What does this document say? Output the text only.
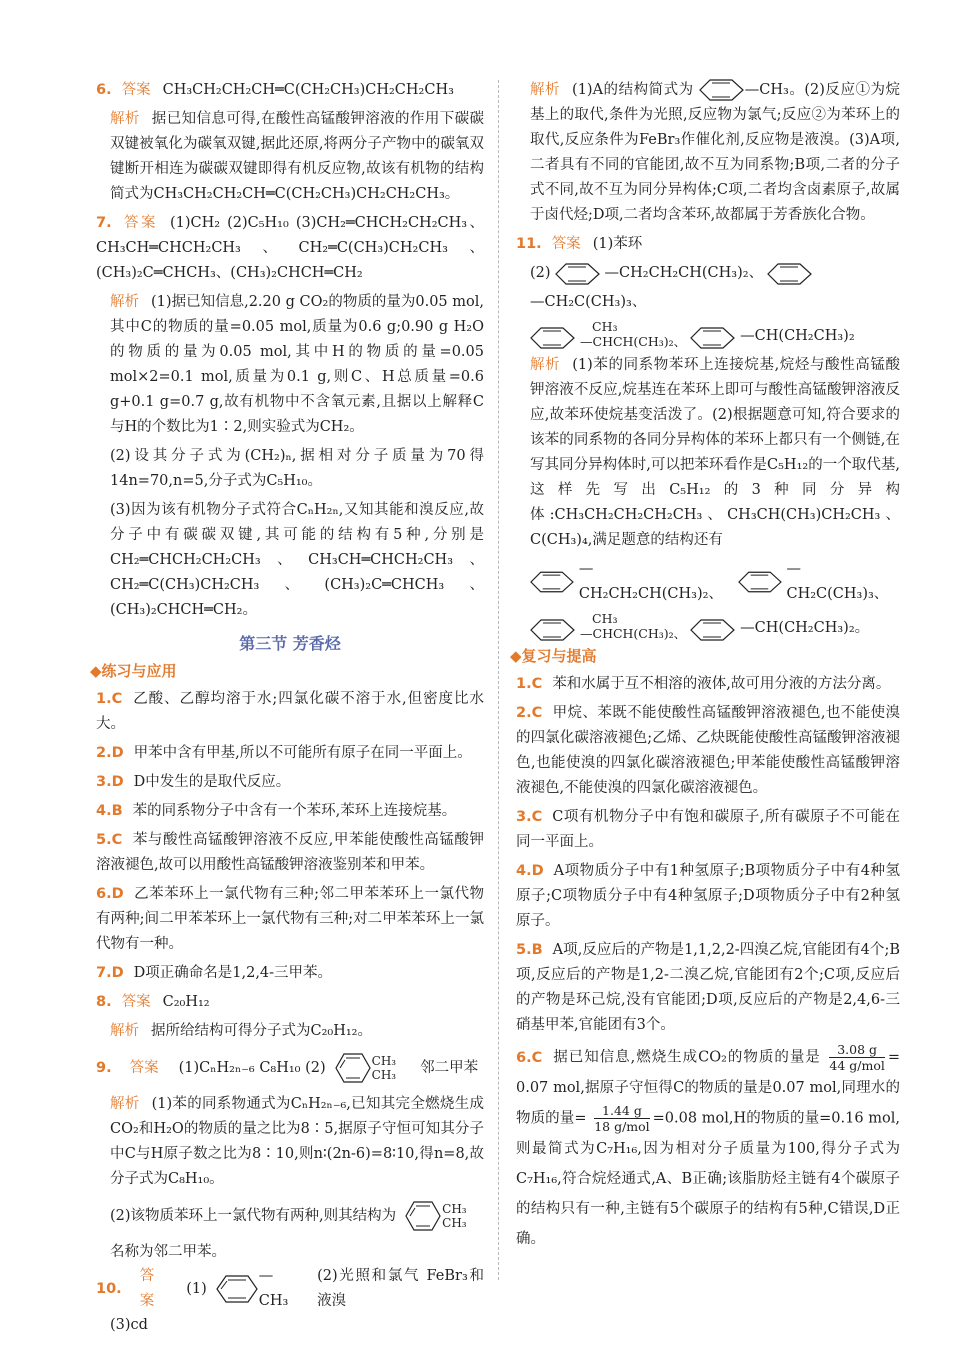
6. 答案 CH₃CH₂CH₂CH═C(CH₂CH₃)CH₂CH₂CH₃
解析 据已知信息可得,在酸性高锰酸钾溶液的作用下碳碳双键被氧化为碳氧双键,据此还原,将两分子产物中的碳氧双键断开相连为碳碳双键即得有机反应物,故该有机物的结构简式为CH₃CH₂CH₂CH═C(CH₂CH₃)CH₂CH₂CH₃。
7. 答案 (1)CH₂ (2)C₅H₁₀ (3)CH₂═CHCH₂CH₂CH₃、CH₃CH═CHCH₂CH₃、CH₂═C(CH₃)CH₂CH₃、(CH₃)₂C═CHCH₃、(CH₃)₂CHCH═CH₂
解析 (1)据已知信息,2.20 g CO₂的物质的量为0.05 mol,其中C的物质的量=0.05 mol,质量为0.6 g;0.90 g H₂O的物质的量为0.05 mol,其中H的物质的量=0.05 mol×2=0.1 mol,质量为0.1 g,则C、H总质量=0.6 g+0.1 g=0.7 g,故有机物中不含氧元素,且据以上解释C与H的个数比为1∶2,则实验式为CH₂。
(2)设其分子式为(CH₂)ₙ,据相对分子质量为70得14n=70,n=5,分子式为C₅H₁₀。
(3)因为该有机物分子式符合CₙH₂ₙ,又知其能和溴反应,故分子中有碳碳双键,其可能的结构有5种,分别是CH₂═CHCH₂CH₂CH₃、CH₃CH═CHCH₂CH₃、CH₂═C(CH₃)CH₂CH₃、(CH₃)₂C═CHCH₃、(CH₃)₂CHCH═CH₂。
第三节 芳香烃
◆练习与应用
1.C 乙酸、乙醇均溶于水;四氯化碳不溶于水,但密度比水大。
2.D 甲苯中含有甲基,所以不可能所有原子在同一平面上。
3.D D中发生的是取代反应。
4.B 苯的同系物分子中含有一个苯环,苯环上连接烷基。
5.C 苯与酸性高锰酸钾溶液不反应,甲苯能使酸性高锰酸钾溶液褪色,故可以用酸性高锰酸钾溶液鉴别苯和甲苯。
6.D 乙苯苯环上一氯代物有三种;邻二甲苯苯环上一氯代物有两种;间二甲苯苯环上一氯代物有三种;对二甲苯苯环上一氯代物有一种。
7.D D项正确命名是1,2,4-三甲苯。
8. 答案 C₂₀H₁₂
解析 据所给结构可得分子式为C₂₀H₁₂。
9. 答案 (1)CₙH₂ₙ₋₆ C₈H₁₀ (2)	CH₃
CH₃ 邻二甲苯
解析 (1)苯的同系物通式为CₙH₂ₙ₋₆,已知其完全燃烧生成CO₂和H₂O的物质的量之比为8∶5,据原子守恒可知其分子中C与H原子数之比为8∶10,则n∶(2n-6)=8∶10,得n=8,故分子式为C₈H₁₀。
(2)该物质苯环上一氯代物有两种,则其结构为	CH₃
CH₃
名称为邻二甲苯。
10.
答案
(1)
—CH₃
(2)光照和氯气 FeBr₃和液溴
(3)cd
解析 (1)A的结构简式为	—CH₃。(2)反应①为烷基上的取代,条件为光照,反应物为氯气;反应②为苯环上的取代,反应条件为FeBr₃作催化剂,反应物是液溴。(3)A项,二者具有不同的官能团,故不互为同系物;B项,二者的分子式不同,故不互为同分异构体;C项,二者均含卤素原子,故属于卤代烃;D项,二者均含苯环,故都属于芳香族化合物。
11. 答案 (1)苯环
(2)	—CH₂CH₂CH(CH₃)₂、
—CH₂C(CH₃)₃、
CH₃
—CHCH(CH₃)₂、	—CH(CH₂CH₃)₂
解析 (1)苯的同系物苯环上连接烷基,烷烃与酸性高锰酸钾溶液不反应,烷基连在苯环上即可与酸性高锰酸钾溶液反应,故苯环使烷基变活泼了。(2)根据题意可知,符合要求的该苯的同系物的各同分异构体的苯环上都只有一个侧链,在写其同分异构体时,可以把苯环看作是C₅H₁₂的一个取代基,这样先写出C₅H₁₂的3种同分异构体:CH₃CH₂CH₂CH₂CH₃、CH₃CH(CH₃)CH₂CH₃、C(CH₃)₄,满足题意的结构还有
—CH₂CH₂CH(CH₃)₂、
—CH₂C(CH₃)₃、
CH₃
—CHCH(CH₃)₂、	—CH(CH₂CH₃)₂。
◆复习与提高
1.C 苯和水属于互不相溶的液体,故可用分液的方法分离。
2.C 甲烷、苯既不能使酸性高锰酸钾溶液褪色,也不能使溴的四氯化碳溶液褪色;乙烯、乙炔既能使酸性高锰酸钾溶液褪色,也能使溴的四氯化碳溶液褪色;甲苯能使酸性高锰酸钾溶液褪色,不能使溴的四氯化碳溶液褪色。
3.C C项有机物分子中有饱和碳原子,所有碳原子不可能在同一平面上。
4.D A项物质分子中有1种氢原子;B项物质分子中有4种氢原子;C项物质分子中有4种氢原子;D项物质分子中有2种氢原子。
5.B A项,反应后的产物是1,1,2,2-四溴乙烷,官能团有4个;B项,反应后的产物是1,2-二溴乙烷,官能团有2个;C项,反应后的产物是环己烷,没有官能团;D项,反应后的产物是2,4,6-三硝基甲苯,官能团有3个。
6.C 据已知信息,燃烧生成CO₂的物质的量是	3.08 g
44 g/mol = 0.07 mol,据原子守恒得C的物质的量是0.07 mol,同理水的物质的量=	1.44 g
18 g/mol =0.08 mol,H的物质的量=0.16 mol,则最简式为C₇H₁₆,因为相对分子质量为100,得分子式为C₇H₁₆,符合烷烃通式,A、B正确;该脂肪烃主链有4个碳原子的结构只有一种,主链有5个碳原子的结构有5种,C错误,D正确。
